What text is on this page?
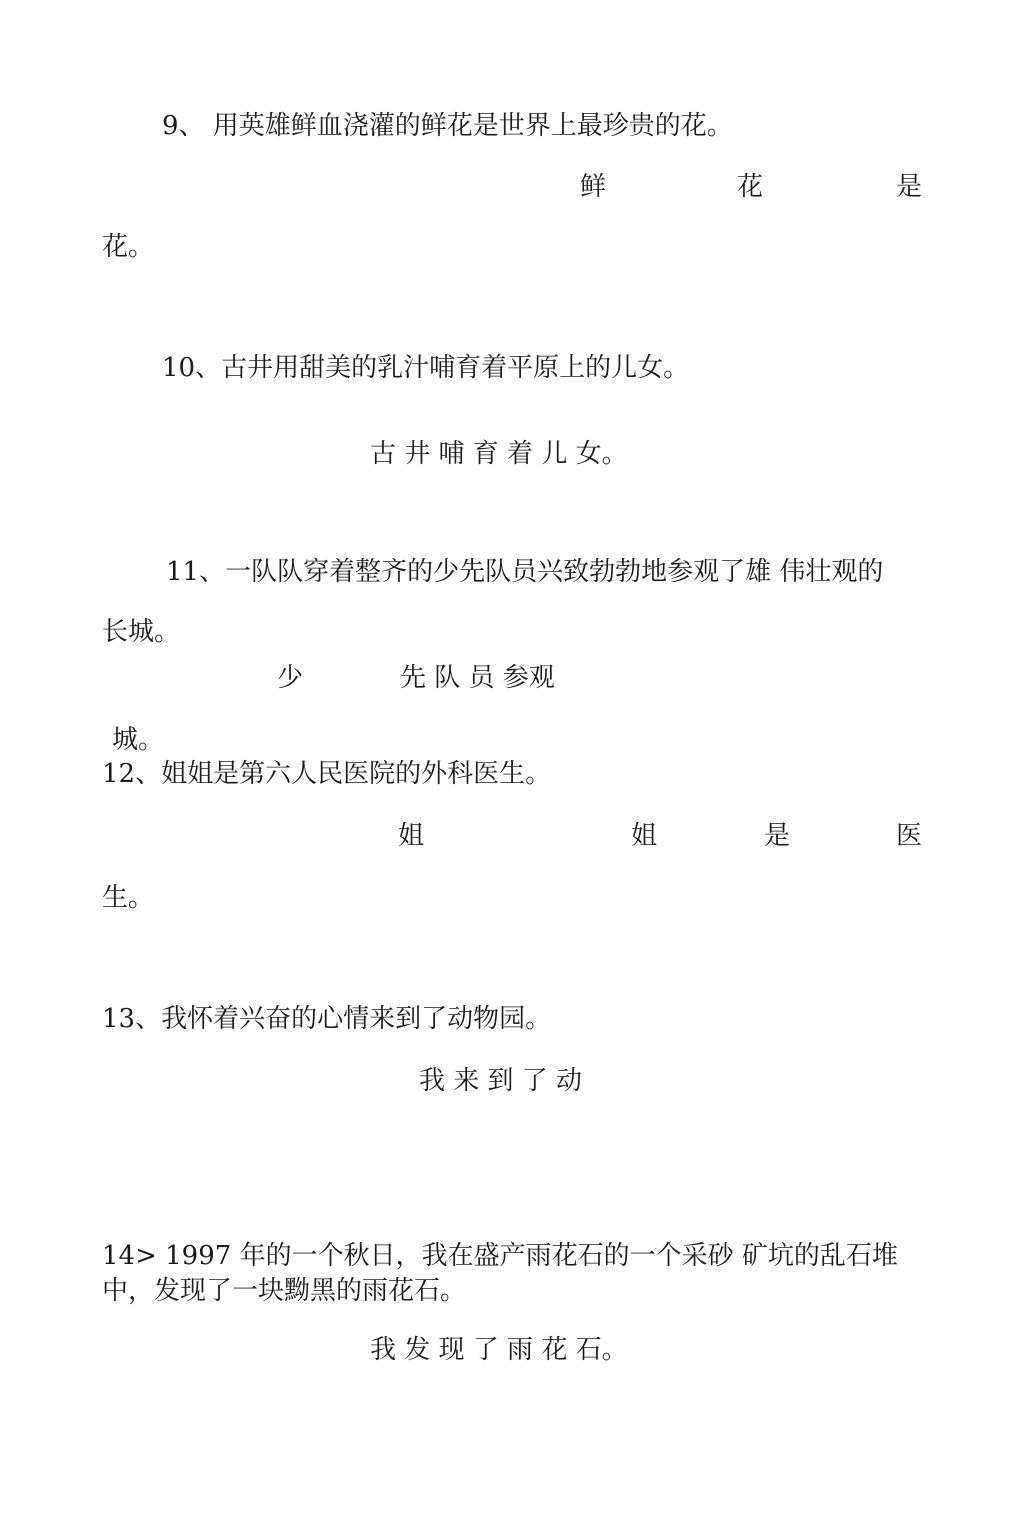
9、 用英雄鲜血浇灌的鲜花是世界上最珍贵的花。
鲜	花	是
花。
10、古井用甜美的乳汁哺育着平原上的儿女。
古 井 哺 育 着 儿 女。
11、一队队穿着整齐的少先队员兴致勃勃地参观了雄 伟壮观的
长城。
少	先 队 员 参观
城。
12、姐姐是第六人民医院的外科医生。
姐	姐	是	医
生。
13、我怀着兴奋的心情来到了动物园。
我 来 到 了 动
14> 1997 年的一个秋日，我在盛产雨花石的一个采砂 矿坑的乱石堆
中，发现了一块黝黑的雨花石。
我 发 现 了 雨 花 石。
